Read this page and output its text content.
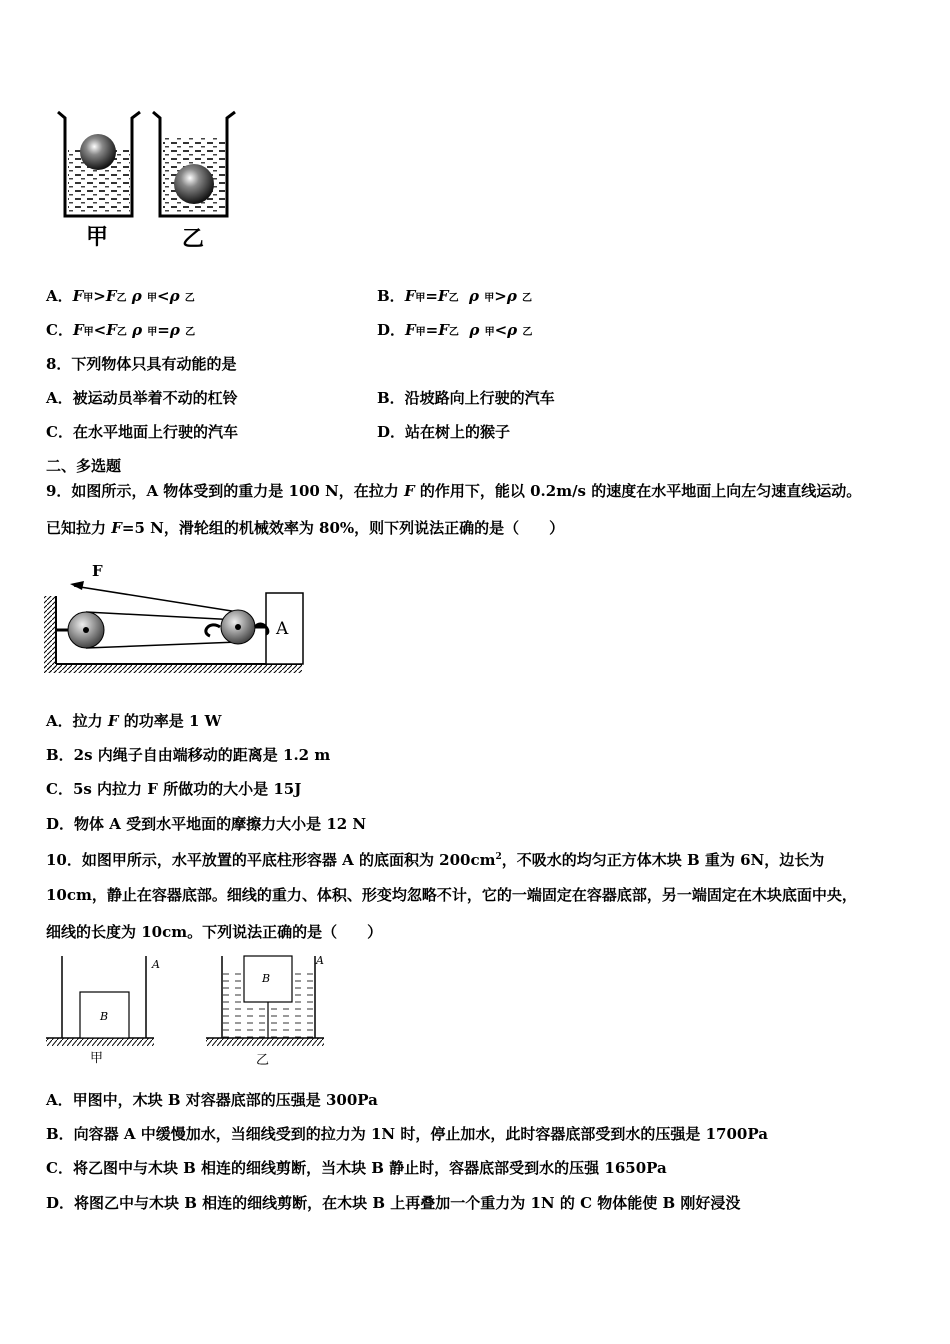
甲	乙
A．F甲>F乙 ρ 甲<ρ 乙	B．F甲=F乙 ρ 甲>ρ 乙
C．F甲<F乙 ρ 甲=ρ 乙	D．F甲=F乙 ρ 甲<ρ 乙
8．下列物体只具有动能的是
A．被运动员举着不动的杠铃	B．沿坡路向上行驶的汽车
C．在水平地面上行驶的汽车	D．站在树上的猴子
二、多选题
9．如图所示，A 物体受到的重力是 100 N，在拉力 F 的作用下，能以 0.2m/s 的速度在水平地面上向左匀速直线运动。
已知拉力 F=5 N，滑轮组的机械效率为 80%，则下列说法正确的是（　　）
A
F
A．拉力 F 的功率是 1 W
B．2s 内绳子自由端移动的距离是 1.2 m
C．5s 内拉力 F 所做功的大小是 15J
D．物体 A 受到水平地面的摩擦力大小是 12 N
10．如图甲所示，水平放置的平底柱形容器 A 的底面积为 $200cm^2$，不吸水的均匀正方体木块 B 重为 6N，边长为
10cm，静止在容器底部。细线的重力、体积、形变均忽略不计，它的一端固定在容器底部，另一端固定在木块底面中央，
细线的长度为 10cm。下列说法正确的是（　　）
B
A
甲
B
A
乙
A．甲图中，木块 B 对容器底部的压强是 300Pa
B．向容器 A 中缓慢加水，当细线受到的拉力为 1N 时，停止加水，此时容器底部受到水的压强是 1700Pa
C．将乙图中与木块 B 相连的细线剪断，当木块 B 静止时，容器底部受到水的压强 1650Pa
D．将图乙中与木块 B 相连的细线剪断，在木块 B 上再叠加一个重力为 1N 的 C 物体能使 B 刚好浸没
